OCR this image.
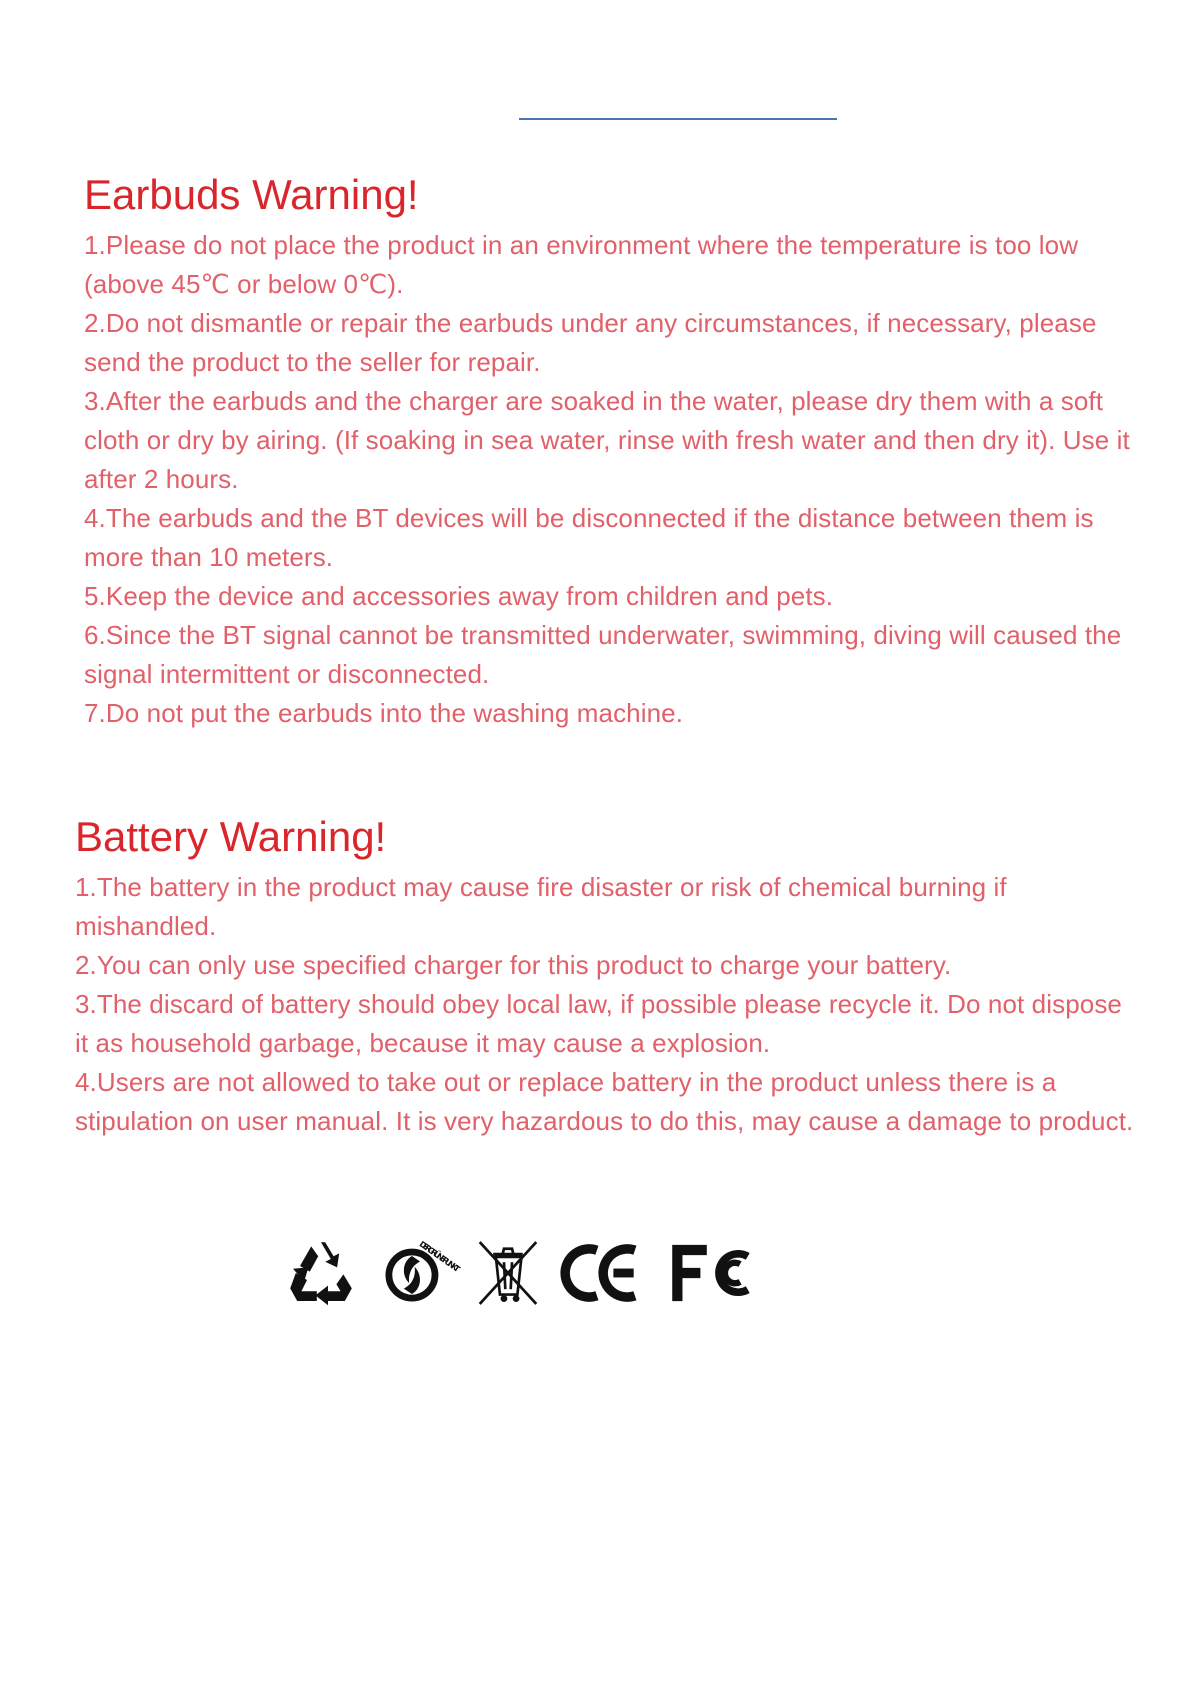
Earbuds Warning!

1.Please do not place the product in an environment where the temperature is too low (above 45℃ or below 0℃).

2.Do not dismantle or repair the earbuds under any circumstances, if necessary, please send the product to the seller for repair.

3.After the earbuds and the charger are soaked in the water, please dry them with a soft cloth or dry by airing. (If soaking in sea water, rinse with fresh water and then dry it). Use it after 2 hours.

4.The earbuds and the BT devices will be disconnected if the distance between them is more than 10 meters.

5.Keep the device and accessories away from children and pets.

6.Since the BT signal cannot be transmitted underwater, swimming, diving will caused the signal intermittent or disconnected.

7.Do not put the earbuds into the washing machine.

Battery Warning!

1.The battery in the product may cause fire disaster or risk of chemical burning if mishandled.

2.You can only use specified charger for this product to charge your battery.

3.The discard of battery should obey local law, if possible please recycle it. Do not dispose it as household garbage, because it may cause a explosion.

4.Users are not allowed to take out or replace battery in the product unless there is a stipulation on user manual. It is very hazardous to do this, may cause a damage to product.

DER GRÜNE PUNKT
